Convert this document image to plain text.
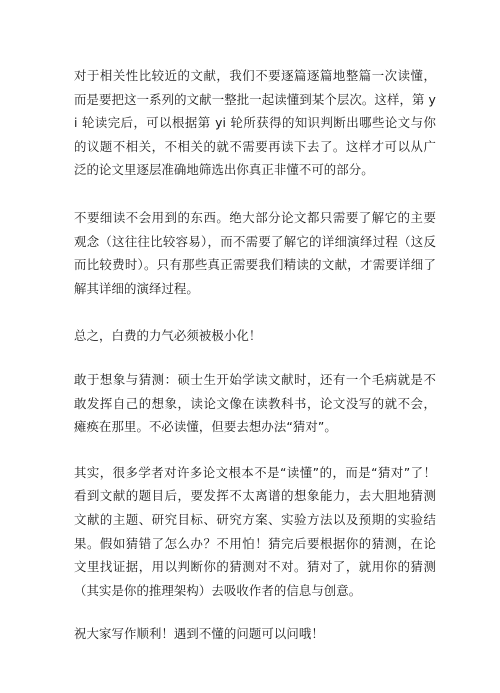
对于相关性比较近的文献，我们不要逐篇逐篇地整篇一次读懂，而是要把这一系列的文献一整批一起读懂到某个层次。这样，第 yi 轮读完后，可以根据第 yi 轮所获得的知识判断出哪些论文与你的议题不相关，不相关的就不需要再读下去了。这样才可以从广泛的论文里逐层准确地筛选出你真正非懂不可的部分。

不要细读不会用到的东西。绝大部分论文都只需要了解它的主要观念（这往往比较容易），而不需要了解它的详细演绎过程（这反而比较费时）。只有那些真正需要我们精读的文献，才需要详细了解其详细的演绎过程。

总之，白费的力气必须被极小化！

敢于想象与猜测：硕士生开始学读文献时，还有一个毛病就是不敢发挥自己的想象，读论文像在读教科书，论文没写的就不会，瘫痪在那里。不必读懂，但要去想办法“猜对”。

其实，很多学者对许多论文根本不是“读懂”的，而是“猜对”了！看到文献的题目后，要发挥不太离谱的想象能力，去大胆地猜测文献的主题、研究目标、研究方案、实验方法以及预期的实验结果。假如猜错了怎么办？不用怕！猜完后要根据你的猜测，在论文里找证据，用以判断你的猜测对不对。猜对了，就用你的猜测（其实是你的推理架构）去吸收作者的信息与创意。

祝大家写作顺利！遇到不懂的问题可以问哦！
